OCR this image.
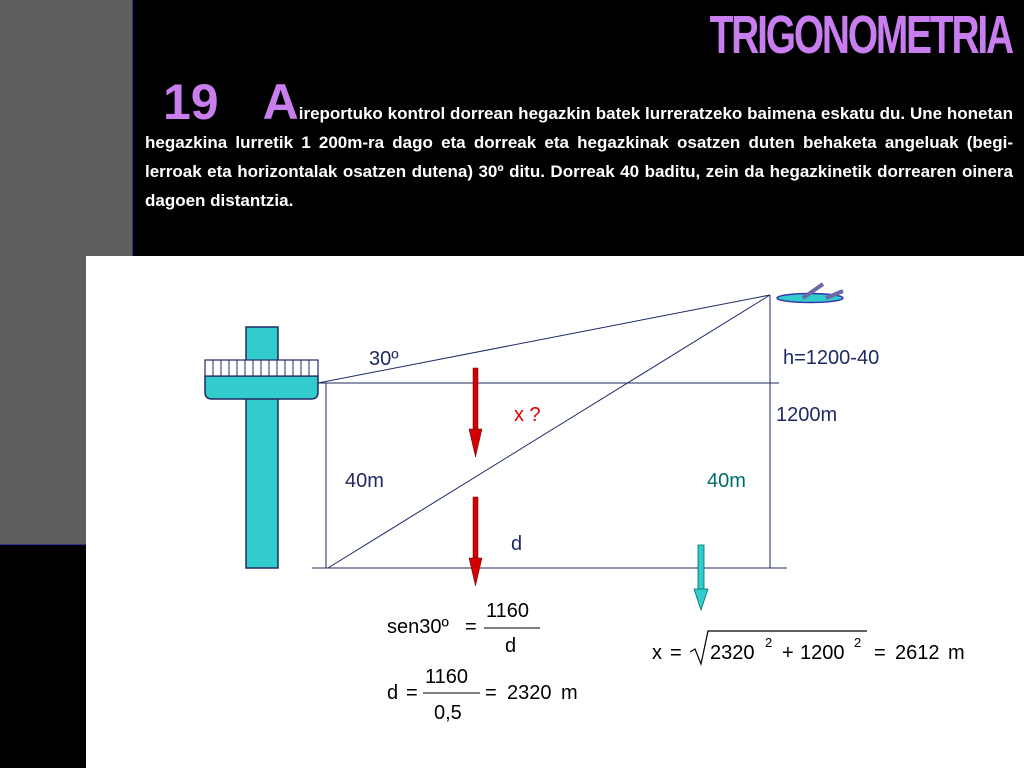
TRIGONOMETRIA
19 Aireportuko kontrol dorrean hegazkin batek lurreratzeko baimena eskatu du. Une honetan hegazkina lurretik 1 200m-ra dago eta dorreak eta hegazkinak osatzen duten behaketa angeluak (begi-lerroak eta horizontalak osatzen dutena) 30º ditu. Dorreak 40 baditu, zein da hegazkinetik dorrearen oinera dagoen distantzia.
30º	h=1200-40
x ?	1200m
40m	40m
d
sen30º =
1160
d
d =
1160
0,5
= 2320 m
x = 2320 2 + 1200 2 = 2612 m
